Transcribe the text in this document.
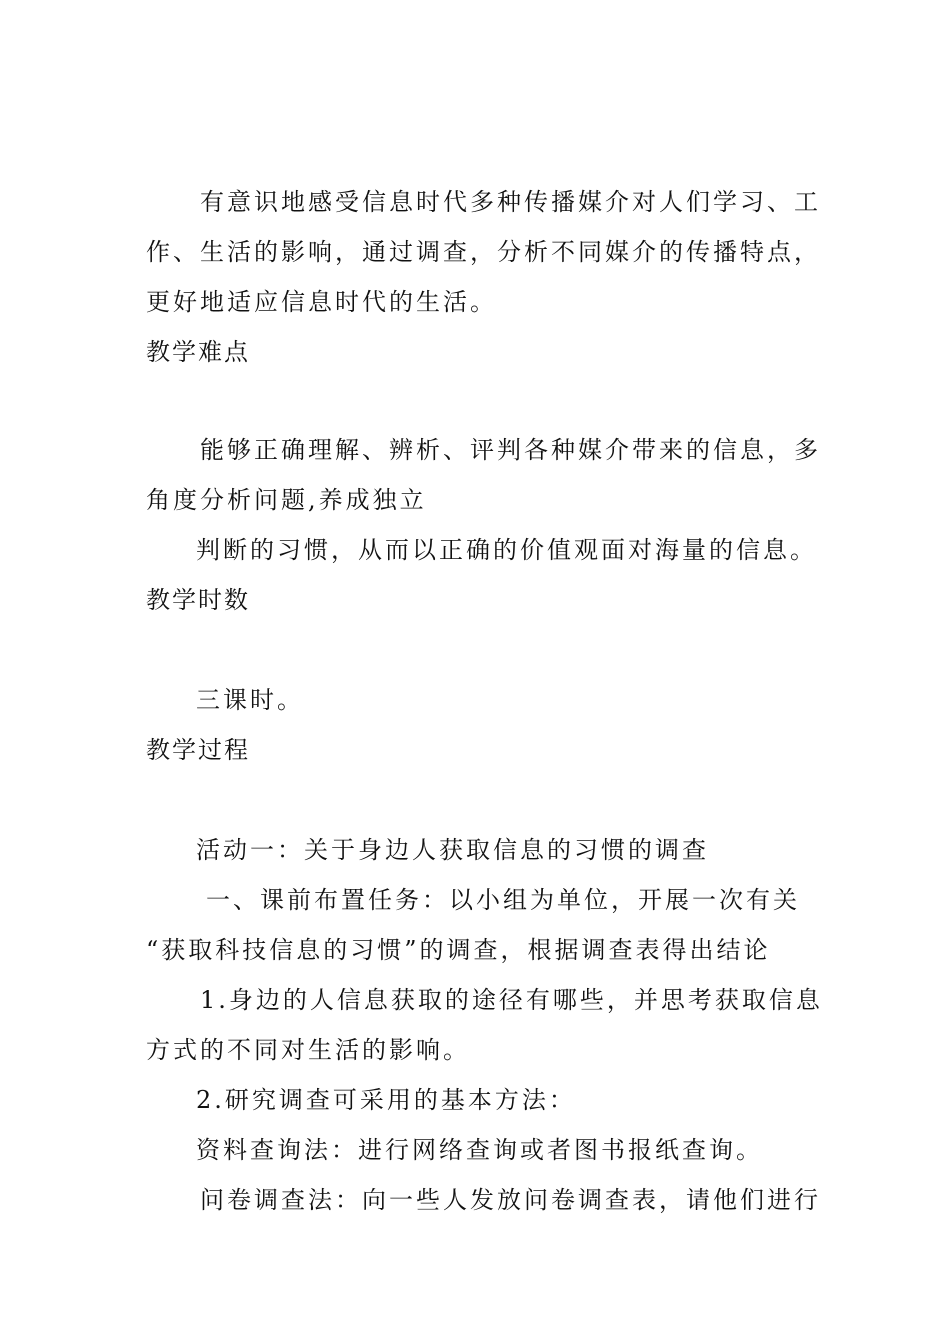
有意识地感受信息时代多种传播媒介对人们学习、工
作、生活的影响，通过调查，分析不同媒介的传播特点，
更好地适应信息时代的生活。
教学难点
能够正确理解、辨析、评判各种媒介带来的信息，多
角度分析问题,养成独立
判断的习惯，从而以正确的价值观面对海量的信息。
教学时数
三课时。
教学过程
活动一：关于身边人获取信息的习惯的调查
一、课前布置任务：以小组为单位，开展一次有关
“获取科技信息的习惯”的调查，根据调查表得出结论
1.身边的人信息获取的途径有哪些，并思考获取信息
方式的不同对生活的影响。
2.研究调查可采用的基本方法：
资料查询法：进行网络查询或者图书报纸查询。
问卷调查法：向一些人发放问卷调查表，请他们进行
